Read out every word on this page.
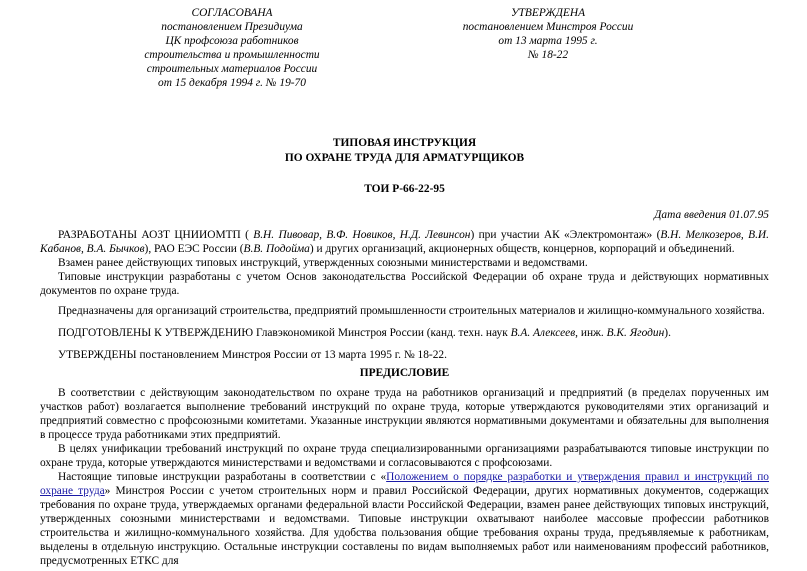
СОГЛАСОВАНА
постановлением Президиума
ЦК профсоюза работников
строительства и промышленности
строительных материалов России
от 15 декабря 1994 г. № 19-70
УТВЕРЖДЕНА
постановлением Минстроя России
от 13 марта 1995 г.
№ 18-22
ТИПОВАЯ ИНСТРУКЦИЯ
ПО ОХРАНЕ ТРУДА ДЛЯ АРМАТУРЩИКОВ
ТОИ Р-66-22-95
Дата введения 01.07.95

РАЗРАБОТАНЫ АОЗТ ЦНИИОМТП ( В.Н. Пивовар, В.Ф. Новиков, Н.Д. Левинсон) при участии АК «Электромонтаж» (В.Н. Мелкозеров, В.И. Кабанов, В.А. Бычков), РАО ЕЭС России (В.В. Подойма) и других организаций, акционерных обществ, концернов, корпораций и объединений.

Взамен ранее действующих типовых инструкций, утвержденных союзными министерствами и ведомствами.

Типовые инструкции разработаны с учетом Основ законодательства Российской Федерации об охране труда и действующих нормативных документов по охране труда.

Предназначены для организаций строительства, предприятий промышленности строительных материалов и жилищно-коммунального хозяйства.

ПОДГОТОВЛЕНЫ К УТВЕРЖДЕНИЮ Главэкономикой Минстроя России (канд. техн. наук В.А. Алексеев, инж. В.К. Ягодин).

УТВЕРЖДЕНЫ постановлением Минстроя России от 13 марта 1995 г. № 18-22.

ПРЕДИСЛОВИЕ

В соответствии с действующим законодательством по охране труда на работников организаций и предприятий (в пределах порученных им участков работ) возлагается выполнение требований инструкций по охране труда, которые утверждаются руководителями этих организаций и предприятий совместно с профсоюзными комитетами. Указанные инструкции являются нормативными документами и обязательны для выполнения в процессе труда работниками этих предприятий.

В целях унификации требований инструкций по охране труда специализированными организациями разрабатываются типовые инструкции по охране труда, которые утверждаются министерствами и ведомствами и согласовываются с профсоюзами.

Настоящие типовые инструкции разработаны в соответствии с «Положением о порядке разработки и утверждения правил и инструкций по охране труда» Минстроя России с учетом строительных норм и правил Российской Федерации, других нормативных документов, содержащих требования по охране труда, утверждаемых органами федеральной власти Российской Федерации, взамен ранее действующих типовых инструкций, утвержденных союзными министерствами и ведомствами. Типовые инструкции охватывают наиболее массовые профессии работников строительства и жилищно-коммунального хозяйства. Для удобства пользования общие требования охраны труда, предъявляемые к работникам, выделены в отдельную инструкцию. Остальные инструкции составлены по видам выполняемых работ или наименованиям профессий работников, предусмотренных ЕТКС для
